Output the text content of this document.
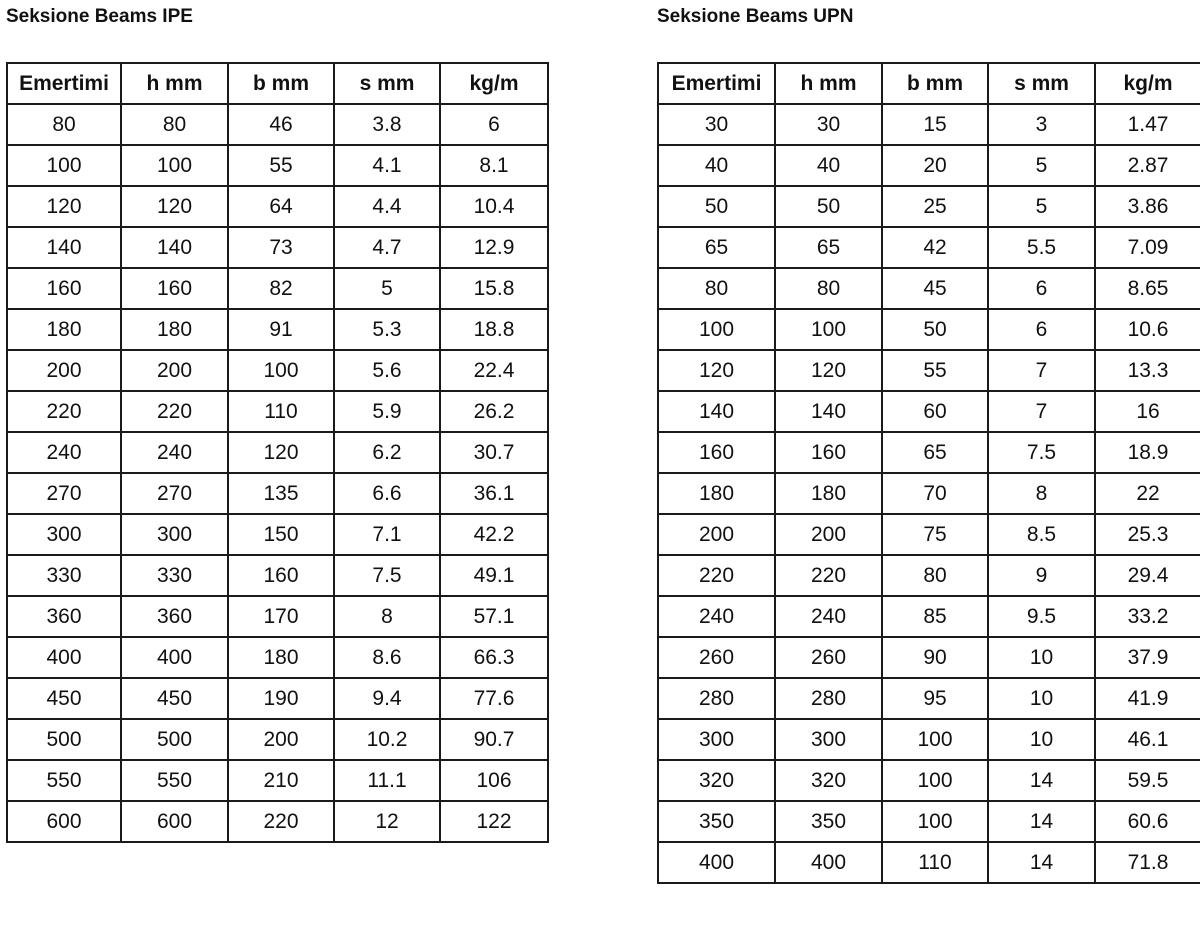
Seksione Beams IPE
Emertimi	h mm	b mm	s mm	kg/m
80	80	46	3.8	6
100	100	55	4.1	8.1
120	120	64	4.4	10.4
140	140	73	4.7	12.9
160	160	82	5	15.8
180	180	91	5.3	18.8
200	200	100	5.6	22.4
220	220	110	5.9	26.2
240	240	120	6.2	30.7
270	270	135	6.6	36.1
300	300	150	7.1	42.2
330	330	160	7.5	49.1
360	360	170	8	57.1
400	400	180	8.6	66.3
450	450	190	9.4	77.6
500	500	200	10.2	90.7
550	550	210	11.1	106
600	600	220	12	122
Seksione Beams UPN
Emertimi	h mm	b mm	s mm	kg/m
30	30	15	3	1.47
40	40	20	5	2.87
50	50	25	5	3.86
65	65	42	5.5	7.09
80	80	45	6	8.65
100	100	50	6	10.6
120	120	55	7	13.3
140	140	60	7	16
160	160	65	7.5	18.9
180	180	70	8	22
200	200	75	8.5	25.3
220	220	80	9	29.4
240	240	85	9.5	33.2
260	260	90	10	37.9
280	280	95	10	41.9
300	300	100	10	46.1
320	320	100	14	59.5
350	350	100	14	60.6
400	400	110	14	71.8
